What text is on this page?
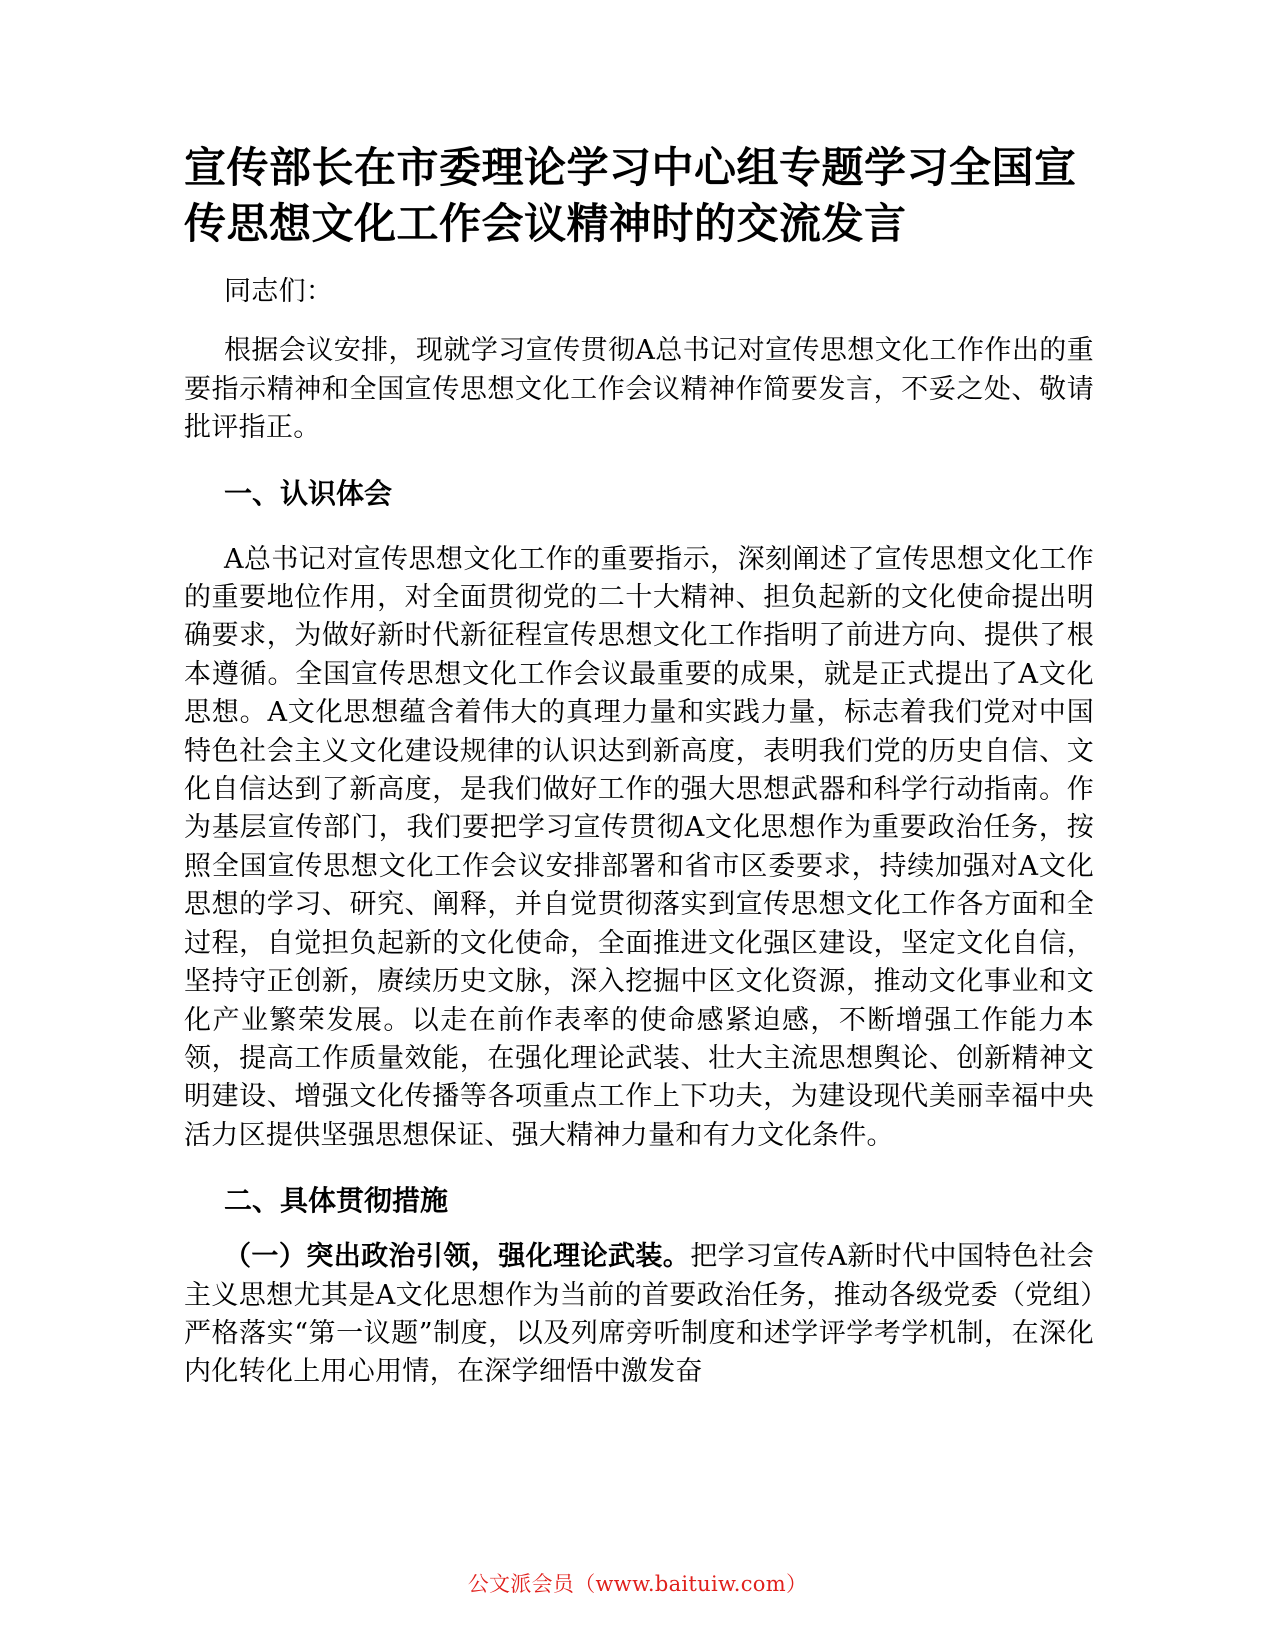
宣传部长在市委理论学习中心组专题学习全国宣传思想文化工作会议精神时的交流发言

同志们：

根据会议安排，现就学习宣传贯彻A总书记对宣传思想文化工作作出的重要指示精神和全国宣传思想文化工作会议精神作简要发言，不妥之处、敬请批评指正。

一、认识体会

A总书记对宣传思想文化工作的重要指示，深刻阐述了宣传思想文化工作的重要地位作用，对全面贯彻党的二十大精神、担负起新的文化使命提出明确要求，为做好新时代新征程宣传思想文化工作指明了前进方向、提供了根本遵循。全国宣传思想文化工作会议最重要的成果，就是正式提出了A文化思想。A文化思想蕴含着伟大的真理力量和实践力量，标志着我们党对中国特色社会主义文化建设规律的认识达到新高度，表明我们党的历史自信、文化自信达到了新高度，是我们做好工作的强大思想武器和科学行动指南。作为基层宣传部门，我们要把学习宣传贯彻A文化思想作为重要政治任务，按照全国宣传思想文化工作会议安排部署和省市区委要求，持续加强对A文化思想的学习、研究、阐释，并自觉贯彻落实到宣传思想文化工作各方面和全过程，自觉担负起新的文化使命，全面推进文化强区建设，坚定文化自信，坚持守正创新，赓续历史文脉，深入挖掘中区文化资源，推动文化事业和文化产业繁荣发展。以走在前作表率的使命感紧迫感，不断增强工作能力本领，提高工作质量效能，在强化理论武装、壮大主流思想舆论、创新精神文明建设、增强文化传播等各项重点工作上下功夫，为建设现代美丽幸福中央活力区提供坚强思想保证、强大精神力量和有力文化条件。

二、具体贯彻措施

（一）突出政治引领，强化理论武装。把学习宣传A新时代中国特色社会主义思想尤其是A文化思想作为当前的首要政治任务，推动各级党委（党组）严格落实“第一议题”制度，以及列席旁听制度和述学评学考学机制，在深化内化转化上用心用情，在深学细悟中激发奋

公文派会员（www.baituiw.com）
